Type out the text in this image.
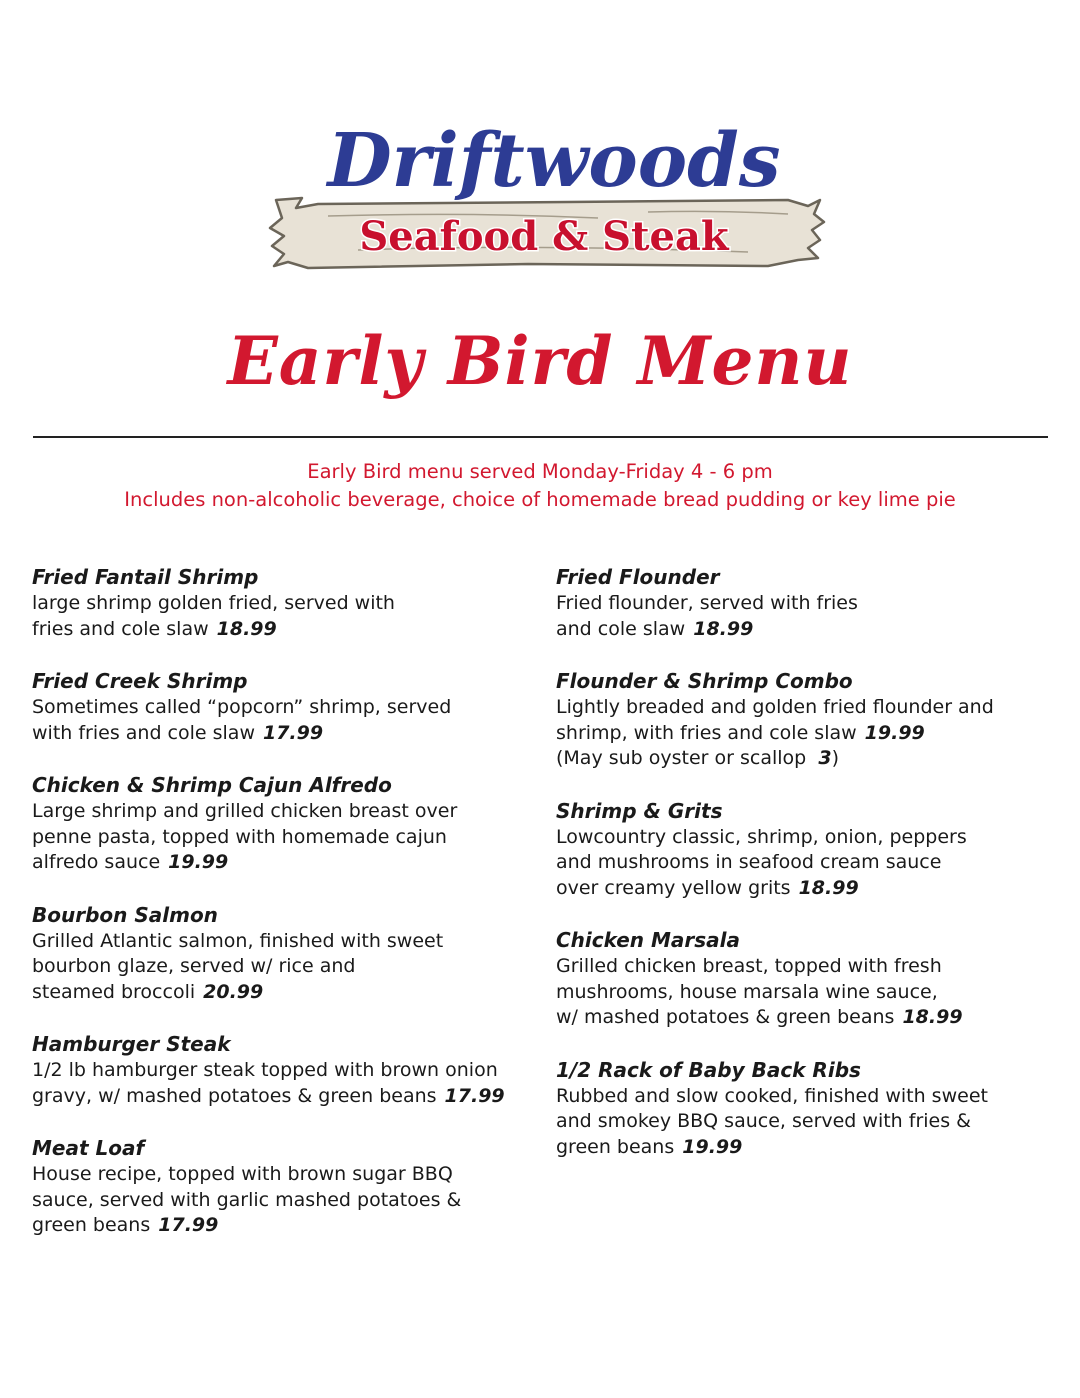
Driftwoods
Seafood & Steak
Early Bird Menu
Early Bird menu served Monday-Friday 4 - 6 pm
Includes non-alcoholic beverage, choice of homemade bread pudding or key lime pie
Fried Fantail Shrimp
large shrimp golden fried, served with
fries and cole slaw 18.99
Fried Creek Shrimp
Sometimes called “popcorn” shrimp, served
with fries and cole slaw 17.99
Chicken & Shrimp Cajun Alfredo
Large shrimp and grilled chicken breast over
penne pasta, topped with homemade cajun
alfredo sauce 19.99
Bourbon Salmon
Grilled Atlantic salmon, finished with sweet
bourbon glaze, served w/ rice and
steamed broccoli 20.99
Hamburger Steak
1/2 lb hamburger steak topped with brown onion
gravy, w/ mashed potatoes & green beans 17.99
Meat Loaf
House recipe, topped with brown sugar BBQ
sauce, served with garlic mashed potatoes &
green beans 17.99
Fried Flounder
Fried flounder, served with fries
and cole slaw 18.99
Flounder & Shrimp Combo
Lightly breaded and golden fried flounder and
shrimp, with fries and cole slaw 19.99
(May sub oyster or scallop 3)
Shrimp & Grits
Lowcountry classic, shrimp, onion, peppers
and mushrooms in seafood cream sauce
over creamy yellow grits 18.99
Chicken Marsala
Grilled chicken breast, topped with fresh
mushrooms, house marsala wine sauce,
w/ mashed potatoes & green beans 18.99
1/2 Rack of Baby Back Ribs
Rubbed and slow cooked, finished with sweet
and smokey BBQ sauce, served with fries &
green beans 19.99
